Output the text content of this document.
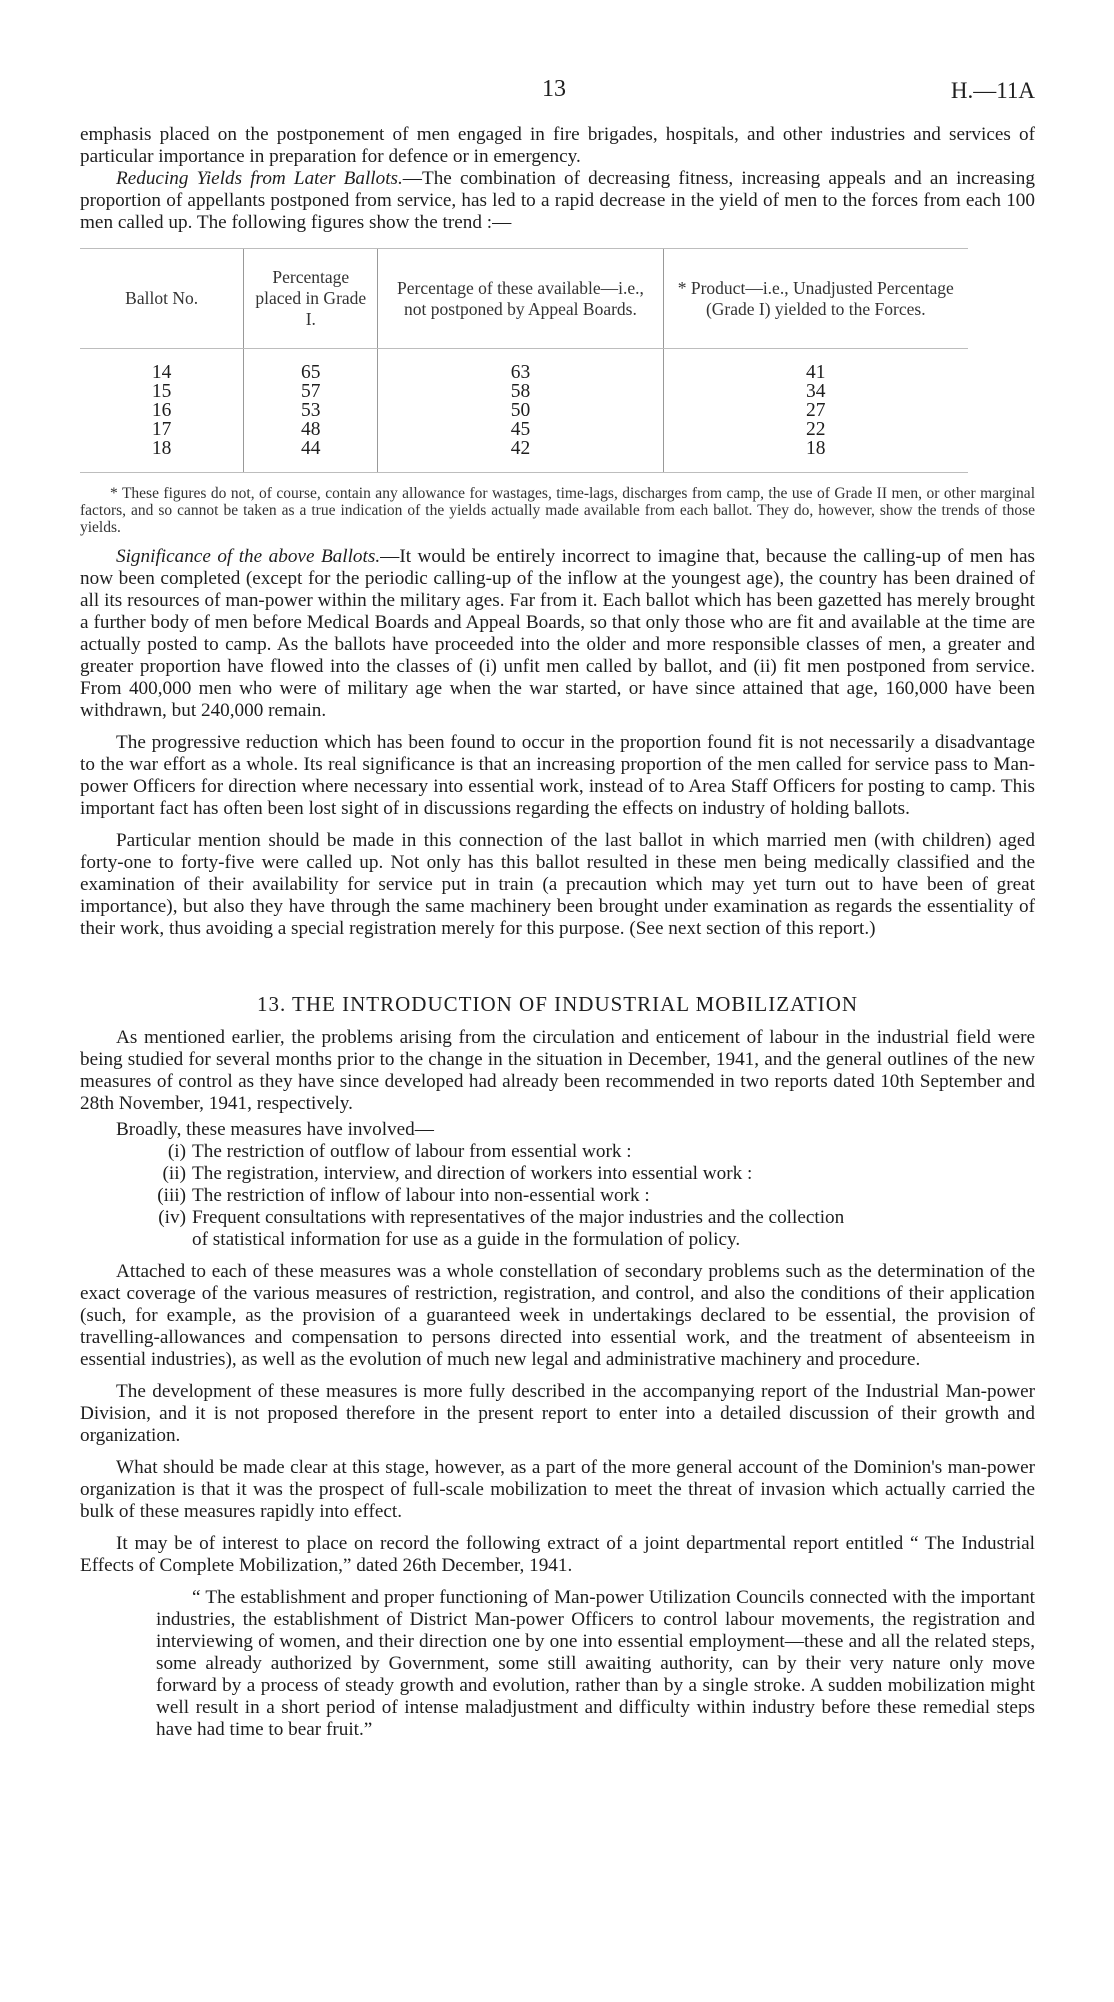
13	H.—11A

emphasis placed on the postponement of men engaged in fire brigades, hospitals, and other industries and services of particular importance in preparation for defence or in emergency.

Reducing Yields from Later Ballots.—The combination of decreasing fitness, increasing appeals and an increasing proportion of appellants postponed from service, has led to a rapid decrease in the yield of men to the forces from each 100 men called up. The following figures show the trend :—

Ballot No.	Percentage placed in Grade I.	Percentage of these available—i.e., not postponed by Appeal Boards.	* Product—i.e., Unadjusted Percentage (Grade I) yielded to the Forces.

14	65	63	41
15	57	58	34
16	53	50	27
17	48	45	22
18	44	42	18

* These figures do not, of course, contain any allowance for wastages, time-lags, discharges from camp, the use of Grade II men, or other marginal factors, and so cannot be taken as a true indication of the yields actually made available from each ballot. They do, however, show the trends of those yields.

Significance of the above Ballots.—It would be entirely incorrect to imagine that, because the calling-up of men has now been completed (except for the periodic calling-up of the inflow at the youngest age), the country has been drained of all its resources of man-power within the military ages. Far from it. Each ballot which has been gazetted has merely brought a further body of men before Medical Boards and Appeal Boards, so that only those who are fit and available at the time are actually posted to camp. As the ballots have proceeded into the older and more responsible classes of men, a greater and greater proportion have flowed into the classes of (i) unfit men called by ballot, and (ii) fit men postponed from service. From 400,000 men who were of military age when the war started, or have since attained that age, 160,000 have been withdrawn, but 240,000 remain.

The progressive reduction which has been found to occur in the proportion found fit is not necessarily a disadvantage to the war effort as a whole. Its real significance is that an increasing proportion of the men called for service pass to Man-power Officers for direction where necessary into essential work, instead of to Area Staff Officers for posting to camp. This important fact has often been lost sight of in discussions regarding the effects on industry of holding ballots.

Particular mention should be made in this connection of the last ballot in which married men (with children) aged forty-one to forty-five were called up. Not only has this ballot resulted in these men being medically classified and the examination of their availability for service put in train (a precaution which may yet turn out to have been of great importance), but also they have through the same machinery been brought under examination as regards the essentiality of their work, thus avoiding a special registration merely for this purpose. (See next section of this report.)

13. THE INTRODUCTION OF INDUSTRIAL MOBILIZATION

As mentioned earlier, the problems arising from the circulation and enticement of labour in the industrial field were being studied for several months prior to the change in the situation in December, 1941, and the general outlines of the new measures of control as they have since developed had already been recommended in two reports dated 10th September and 28th November, 1941, respectively.

Broadly, these measures have involved—

(i) The restriction of outflow of labour from essential work :
(ii) The registration, interview, and direction of workers into essential work :
(iii) The restriction of inflow of labour into non-essential work :
(iv) Frequent consultations with representatives of the major industries and the collection
of statistical information for use as a guide in the formulation of policy.

Attached to each of these measures was a whole constellation of secondary problems such as the determination of the exact coverage of the various measures of restriction, registration, and control, and also the conditions of their application (such, for example, as the provision of a guaranteed week in undertakings declared to be essential, the provision of travelling-allowances and compensation to persons directed into essential work, and the treatment of absenteeism in essential industries), as well as the evolution of much new legal and administrative machinery and procedure.

The development of these measures is more fully described in the accompanying report of the Industrial Man-power Division, and it is not proposed therefore in the present report to enter into a detailed discussion of their growth and organization.

What should be made clear at this stage, however, as a part of the more general account of the Dominion's man-power organization is that it was the prospect of full-scale mobilization to meet the threat of invasion which actually carried the bulk of these measures rapidly into effect.

It may be of interest to place on record the following extract of a joint departmental report entitled “ The Industrial Effects of Complete Mobilization,” dated 26th December, 1941.

“ The establishment and proper functioning of Man-power Utilization Councils connected with the important industries, the establishment of District Man-power Officers to control labour movements, the registration and interviewing of women, and their direction one by one into essential employment—these and all the related steps, some already authorized by Government, some still awaiting authority, can by their very nature only move forward by a process of steady growth and evolution, rather than by a single stroke. A sudden mobilization might well result in a short period of intense maladjustment and difficulty within industry before these remedial steps have had time to bear fruit.”
